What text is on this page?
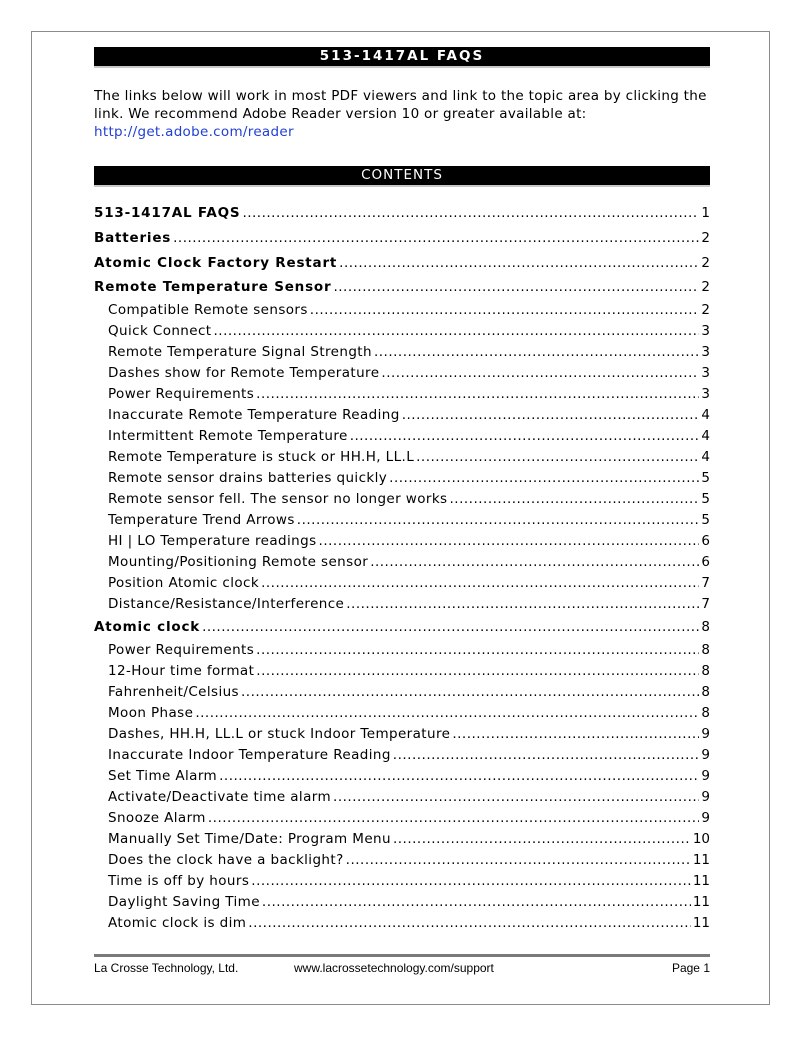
513-1417AL FAQS
The links below will work in most PDF viewers and link to the topic area by clicking the link. We recommend Adobe Reader version 10 or greater available at:
http://get.adobe.com/reader
CONTENTS
513-1417AL FAQS .....	1
Batteries .....	2
Atomic Clock Factory Restart .....	2
Remote Temperature Sensor .....	2
Compatible Remote sensors .....	2
Quick Connect .....	3
Remote Temperature Signal Strength .....	3
Dashes show for Remote Temperature .....	3
Power Requirements .....	3
Inaccurate Remote Temperature Reading .....	4
Intermittent Remote Temperature .....	4
Remote Temperature is stuck or HH.H, LL.L .....	4
Remote sensor drains batteries quickly .....	5
Remote sensor fell. The sensor no longer works .....	5
Temperature Trend Arrows .....	5
HI | LO Temperature readings .....	6
Mounting/Positioning Remote sensor .....	6
Position Atomic clock .....	7
Distance/Resistance/Interference .....	7
Atomic clock .....	8
Power Requirements .....	8
12-Hour time format .....	8
Fahrenheit/Celsius .....	8
Moon Phase .....	8
Dashes, HH.H, LL.L or stuck Indoor Temperature .....	9
Inaccurate Indoor Temperature Reading .....	9
Set Time Alarm .....	9
Activate/Deactivate time alarm .....	9
Snooze Alarm .....	9
Manually Set Time/Date: Program Menu .....	10
Does the clock have a backlight? .....	11
Time is off by hours .....	11
Daylight Saving Time .....	11
Atomic clock is dim .....	11
La Crosse Technology, Ltd.	www.lacrossetechnology.com/support	Page 1
